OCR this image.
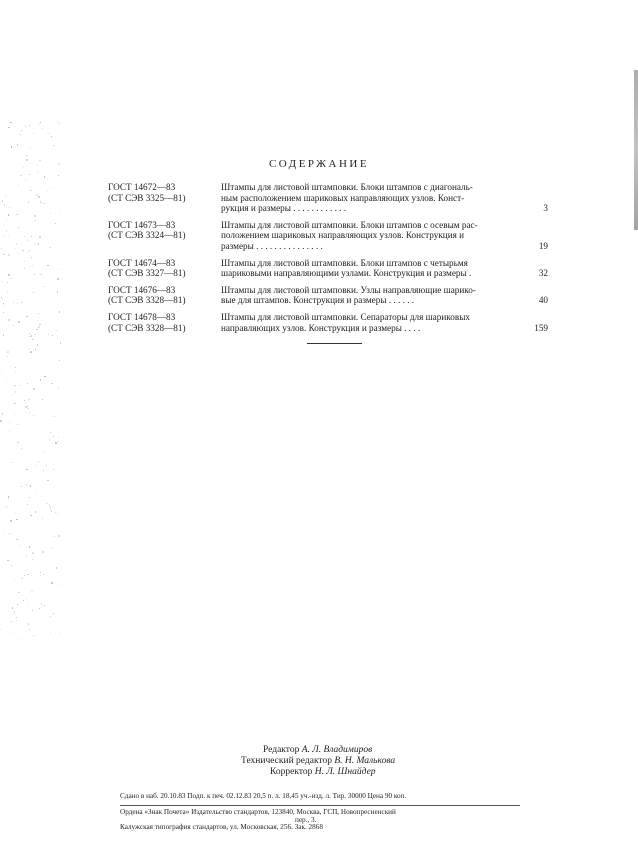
СОДЕРЖАНИЕ
ГОСТ 14672—83
(СТ СЭВ 3325—81)
Штампы для листовой штамповки. Блоки штампов с диагональ-
ным расположением шариковых направляющих узлов. Конст-
рукция и размеры . . . . . . . . . . . .	3
ГОСТ 14673—83
(СТ СЭВ 3324—81)
Штампы для листовой штамповки. Блоки штампов с осевым рас-
положением шариковых направляющих узлов. Конструкция и
размеры . . . . . . . . . . . . . . .	19
ГОСТ 14674—83
(СТ СЭВ 3327—81)
Штампы для листовой штамповки. Блоки штампов с четырьмя
шариковыми направляющими узлами. Конструкция и размеры .	32
ГОСТ 14676—83
(СТ СЭВ 3328—81)
Штампы для листовой штамповки. Узлы направляющие шарико-
вые для штампов. Конструкция и размеры . . . . . .	40
ГОСТ 14678—83
(СТ СЭВ 3328—81)
Штампы для листовой штамповки. Сепараторы для шариковых
направляющих узлов. Конструкция и размеры . . . .	159
Редактор А. Л. Владимиров
Технический редактор В. Н. Малькова
Корректор Н. Л. Шнайдер
Сдано в наб. 20.10.83 Подп. к печ. 02.12.83 20,5 п. л. 18,45 уч.-изд. л. Тир. 30000 Цена 90 коп.
Ордена «Знак Почета» Издательство стандартов, 123840, Москва, ГСП, Новопресненский
пер., 3.
Калужская типография стандартов, ул. Московская, 256. Зак. 2868
